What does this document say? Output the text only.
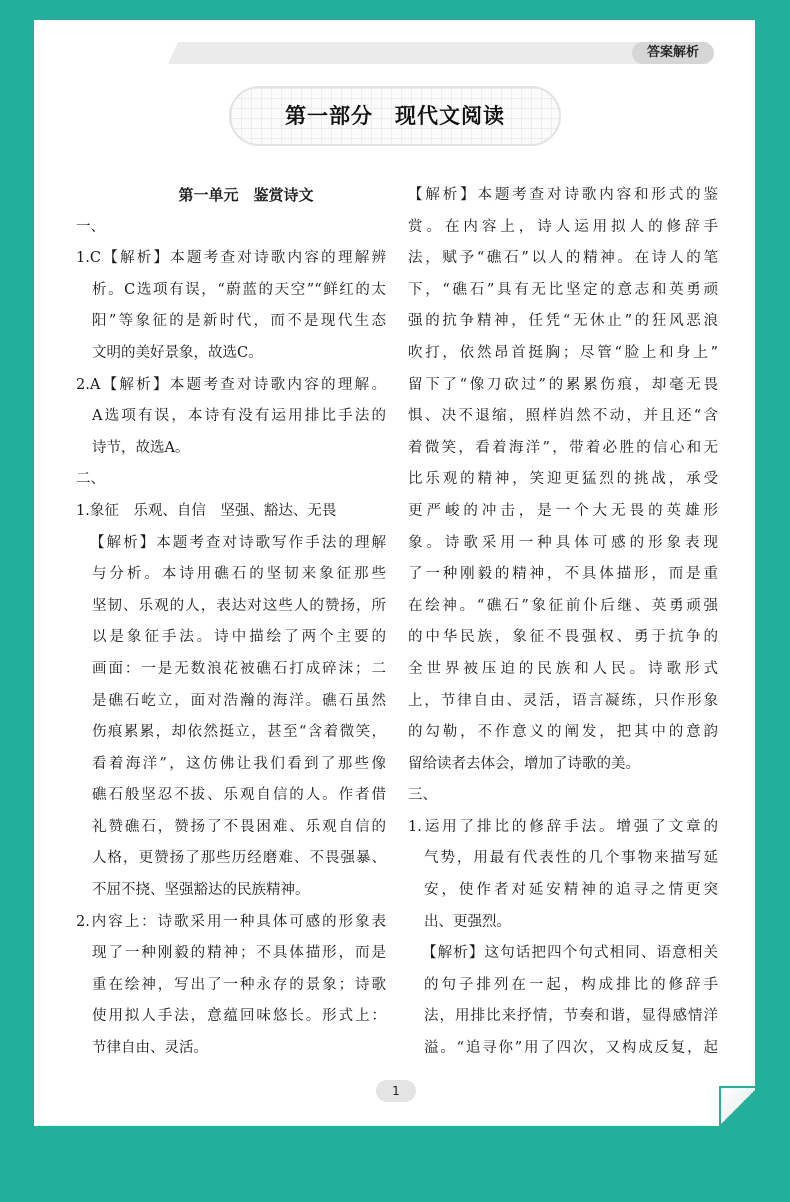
答案解析
第一部分　现代文阅读
第一单元　鉴赏诗文
一、
1.C【解析】本题考查对诗歌内容的理解辨
析。C选项有误，“蔚蓝的天空”“鲜红的太
阳”等象征的是新时代，而不是现代生态
文明的美好景象，故选C。
2.A【解析】本题考查对诗歌内容的理解。
A选项有误，本诗有没有运用排比手法的
诗节，故选A。
二、
1.象征　乐观、自信　坚强、豁达、无畏
【解析】本题考查对诗歌写作手法的理解
与分析。本诗用礁石的坚韧来象征那些
坚韧、乐观的人，表达对这些人的赞扬，所
以是象征手法。诗中描绘了两个主要的
画面：一是无数浪花被礁石打成碎沫；二
是礁石屹立，面对浩瀚的海洋。礁石虽然
伤痕累累，却依然挺立，甚至“含着微笑，
看着海洋”，这仿佛让我们看到了那些像
礁石般坚忍不拔、乐观自信的人。作者借
礼赞礁石，赞扬了不畏困难、乐观自信的
人格，更赞扬了那些历经磨难、不畏强暴、
不屈不挠、坚强豁达的民族精神。
2.内容上：诗歌采用一种具体可感的形象表
现了一种刚毅的精神；不具体描形，而是
重在绘神，写出了一种永存的景象；诗歌
使用拟人手法，意蕴回味悠长。形式上：
节律自由、灵活。
【解析】本题考查对诗歌内容和形式的鉴
赏。在内容上，诗人运用拟人的修辞手
法，赋予“礁石”以人的精神。在诗人的笔
下，“礁石”具有无比坚定的意志和英勇顽
强的抗争精神，任凭“无休止”的狂风恶浪
吹打，依然昂首挺胸；尽管“脸上和身上”
留下了“像刀砍过”的累累伤痕，却毫无畏
惧、决不退缩，照样岿然不动，并且还“含
着微笑，看着海洋”，带着必胜的信心和无
比乐观的精神，笑迎更猛烈的挑战，承受
更严峻的冲击，是一个大无畏的英雄形
象。诗歌采用一种具体可感的形象表现
了一种刚毅的精神，不具体描形，而是重
在绘神。“礁石”象征前仆后继、英勇顽强
的中华民族，象征不畏强权、勇于抗争的
全世界被压迫的民族和人民。诗歌形式
上，节律自由、灵活，语言凝练，只作形象
的勾勒，不作意义的阐发，把其中的意韵
留给读者去体会，增加了诗歌的美。
三、
1.运用了排比的修辞手法。增强了文章的
气势，用最有代表性的几个事物来描写延
安，使作者对延安精神的追寻之情更突
出、更强烈。
【解析】这句话把四个句式相同、语意相关
的句子排列在一起，构成排比的修辞手
法，用排比来抒情，节奏和谐，显得感情洋
溢。“追寻你”用了四次，又构成反复，起
1
